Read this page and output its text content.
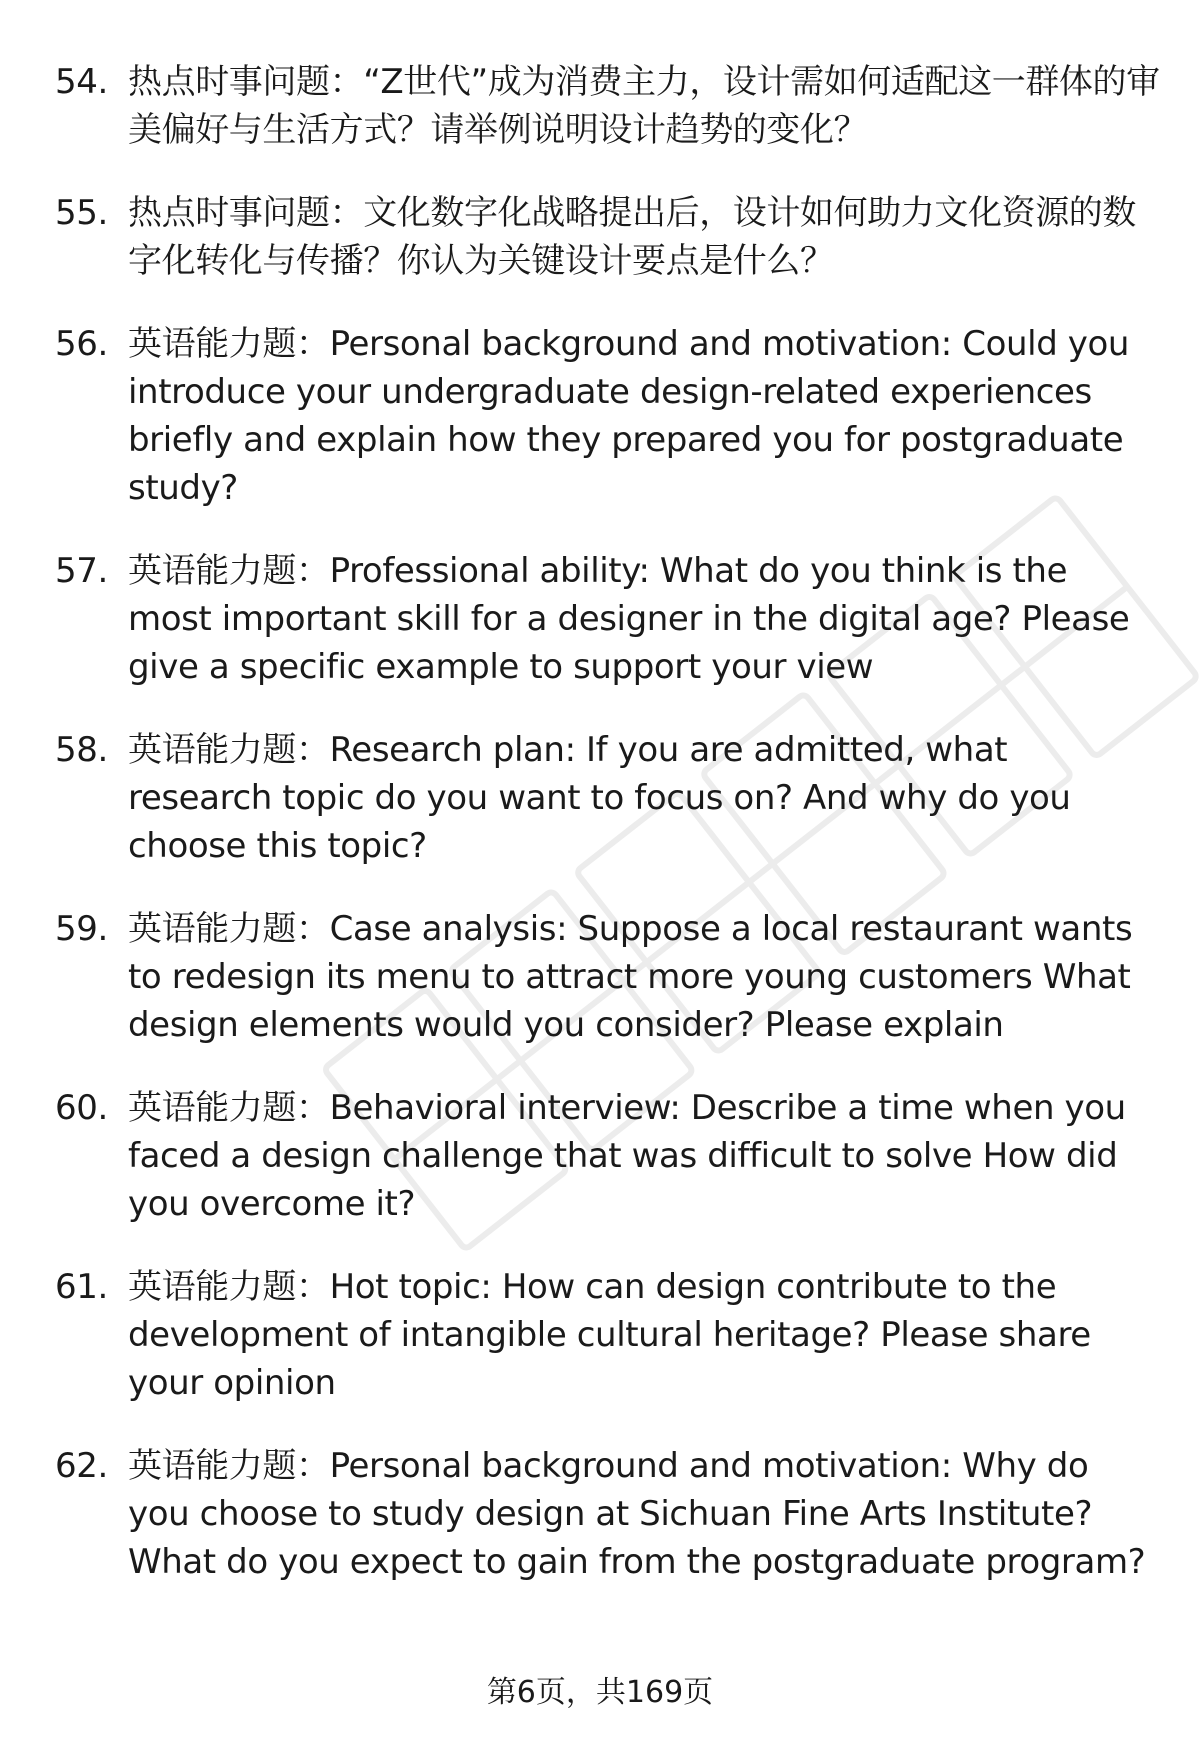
54. 热点时事问题：“Z世代”成为消费主力，设计需如何适配这一群体的审美偏好与生活方式？请举例说明设计趋势的变化？
55. 热点时事问题：文化数字化战略提出后，设计如何助力文化资源的数字化转化与传播？你认为关键设计要点是什么？
56. 英语能力题：Personal background and motivation: Could you introduce your undergraduate design-related experiences briefly and explain how they prepared you for postgraduate study?
57. 英语能力题：Professional ability: What do you think is the most important skill for a designer in the digital age? Please give a specific example to support your view
58. 英语能力题：Research plan: If you are admitted, what research topic do you want to focus on? And why do you choose this topic?
59. 英语能力题：Case analysis: Suppose a local restaurant wants to redesign its menu to attract more young customers What design elements would you consider? Please explain
60. 英语能力题：Behavioral interview: Describe a time when you faced a design challenge that was difficult to solve How did you overcome it?
61. 英语能力题：Hot topic: How can design contribute to the development of intangible cultural heritage? Please share your opinion
62. 英语能力题：Personal background and motivation: Why do you choose to study design at Sichuan Fine Arts Institute? What do you expect to gain from the postgraduate program?
第6页，共169页
